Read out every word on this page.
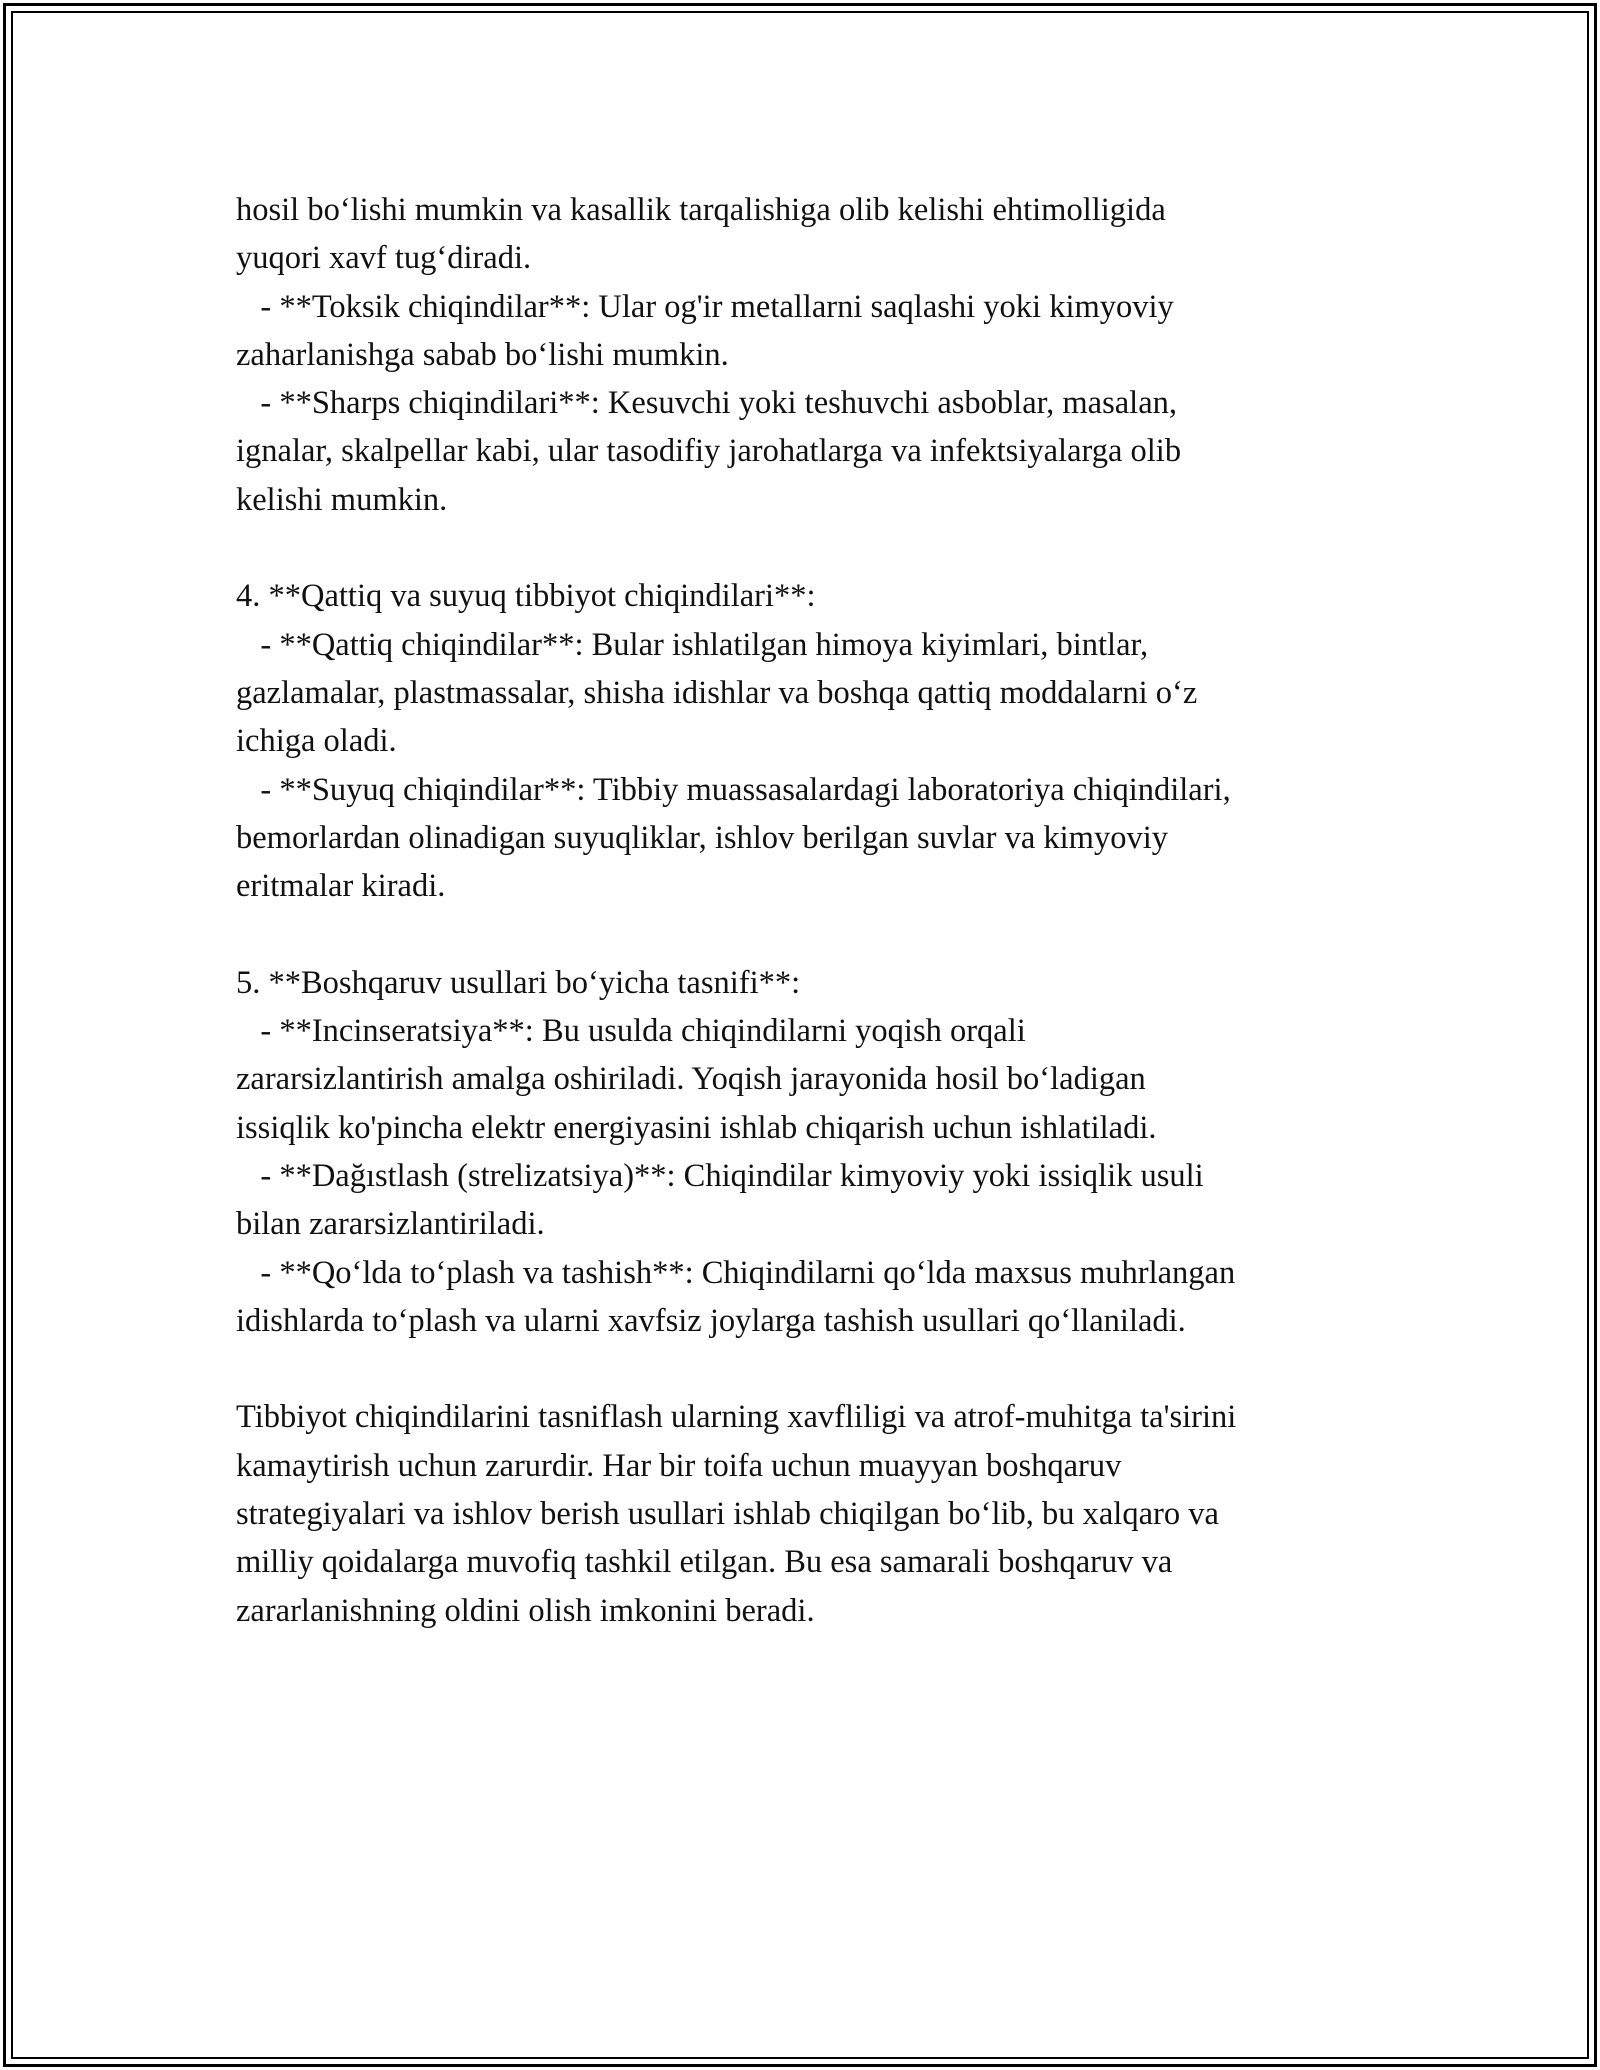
hosil bo‘lishi mumkin va kasallik tarqalishiga olib kelishi ehtimolligida
yuqori xavf tug‘diradi.
- **Toksik chiqindilar**: Ular og'ir metallarni saqlashi yoki kimyoviy
zaharlanishga sabab bo‘lishi mumkin.
- **Sharps chiqindilari**: Kesuvchi yoki teshuvchi asboblar, masalan,
ignalar, skalpellar kabi, ular tasodifiy jarohatlarga va infektsiyalarga olib
kelishi mumkin.
4. **Qattiq va suyuq tibbiyot chiqindilari**:
- **Qattiq chiqindilar**: Bular ishlatilgan himoya kiyimlari, bintlar,
gazlamalar, plastmassalar, shisha idishlar va boshqa qattiq moddalarni o‘z
ichiga oladi.
- **Suyuq chiqindilar**: Tibbiy muassasalardagi laboratoriya chiqindilari,
bemorlardan olinadigan suyuqliklar, ishlov berilgan suvlar va kimyoviy
eritmalar kiradi.
5. **Boshqaruv usullari bo‘yicha tasnifi**:
- **Incinseratsiya**: Bu usulda chiqindilarni yoqish orqali
zararsizlantirish amalga oshiriladi. Yoqish jarayonida hosil bo‘ladigan
issiqlik ko'pincha elektr energiyasini ishlab chiqarish uchun ishlatiladi.
- **Dağıstlash (strelizatsiya)**: Chiqindilar kimyoviy yoki issiqlik usuli
bilan zararsizlantiriladi.
- **Qo‘lda to‘plash va tashish**: Chiqindilarni qo‘lda maxsus muhrlangan
idishlarda to‘plash va ularni xavfsiz joylarga tashish usullari qo‘llaniladi.
Tibbiyot chiqindilarini tasniflash ularning xavfliligi va atrof-muhitga ta'sirini
kamaytirish uchun zarurdir. Har bir toifa uchun muayyan boshqaruv
strategiyalari va ishlov berish usullari ishlab chiqilgan bo‘lib, bu xalqaro va
milliy qoidalarga muvofiq tashkil etilgan. Bu esa samarali boshqaruv va
zararlanishning oldini olish imkonini beradi.
